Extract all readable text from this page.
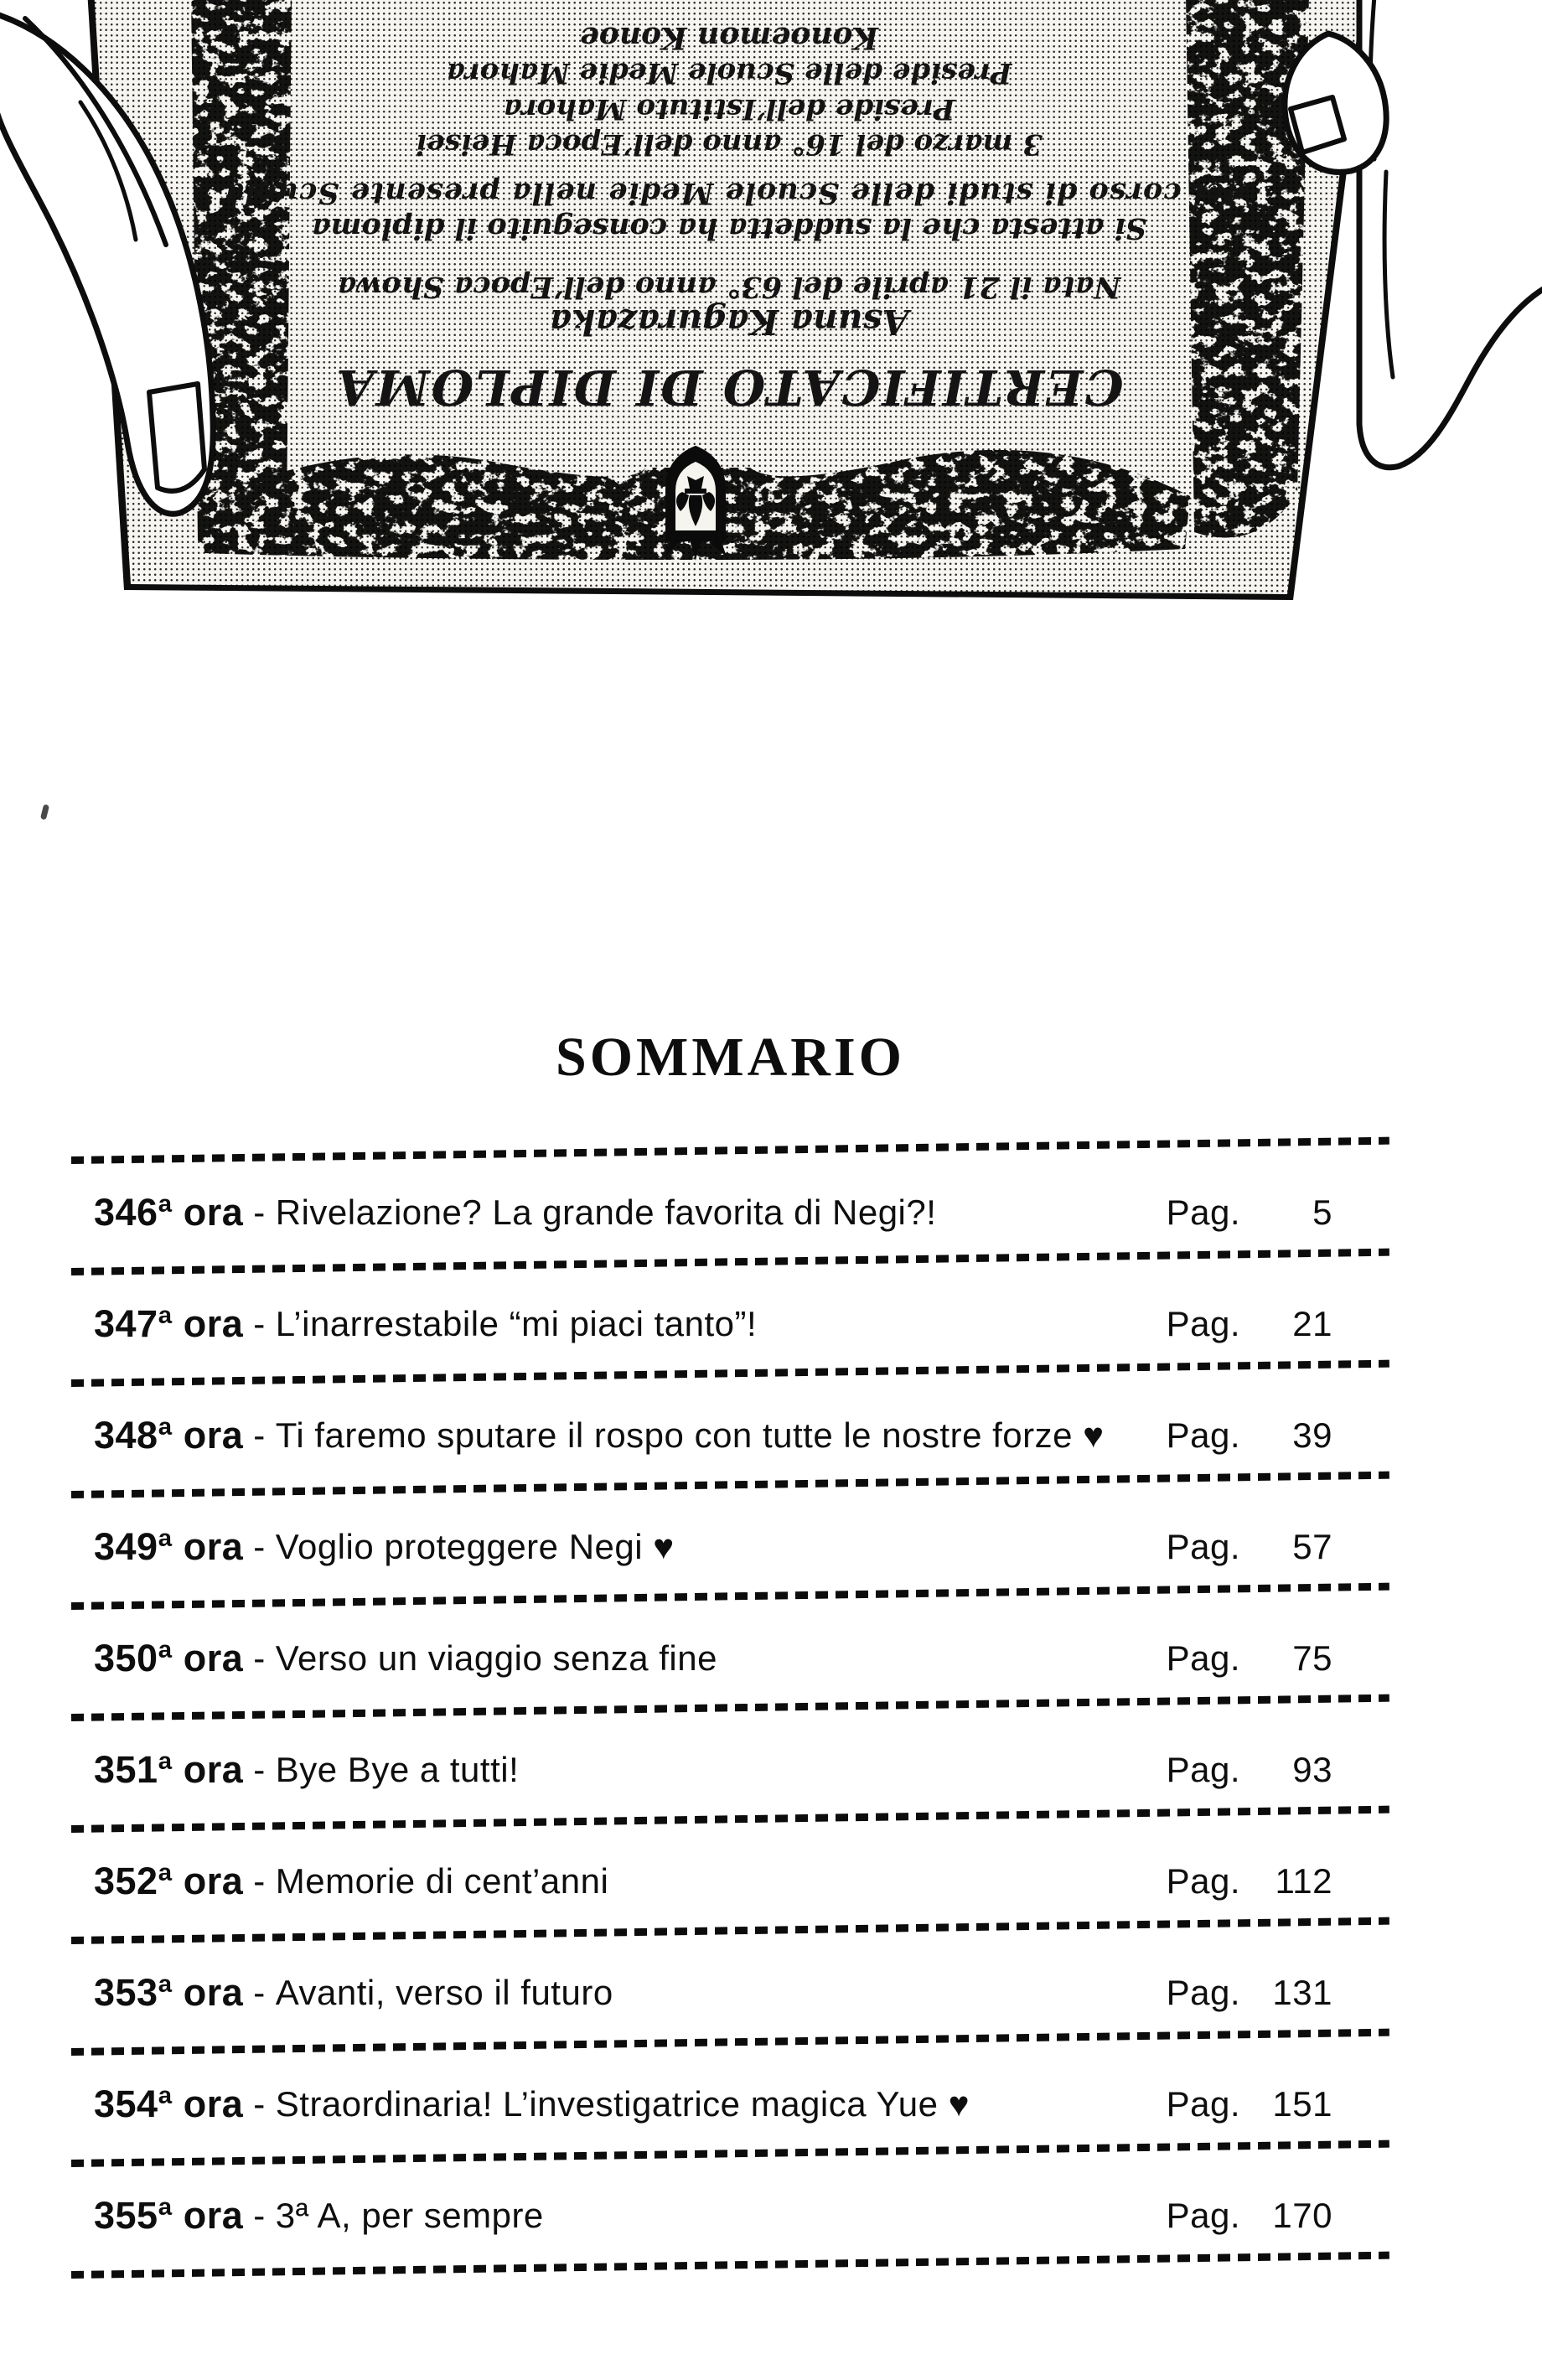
Konoemon Konoe
Preside delle Scuole Medie Mahora
Preside dell’Istituto Mahora
3 marzo del 16° anno dell’Epoca Heisei
del corso di studi delle Scuole Medie nella presente Scuola.
Si attesta che la suddetta ha conseguito il diploma
Nata il 21 aprile del 63° anno dell’Epoca Showa
Asuna Kagurazaka
CERTIFICATO DI DIPLOMA
SOMMARIO
346ª ora - Rivelazione? La grande favorita di Negi?!	Pag.	5
347ª ora - L’inarrestabile “mi piaci tanto”!	Pag.	21
348ª ora - Ti faremo sputare il rospo con tutte le nostre forze ♥ Pag.	39
349ª ora - Voglio proteggere Negi ♥	Pag.	57
350ª ora - Verso un viaggio senza fine	Pag.	75
351ª ora - Bye Bye a tutti!	Pag.	93
352ª ora - Memorie di cent’anni	Pag. 112
353ª ora - Avanti, verso il futuro	Pag. 131
354ª ora - Straordinaria! L’investigatrice magica Yue ♥	Pag. 151
355ª ora - 3ª A, per sempre	Pag. 170
